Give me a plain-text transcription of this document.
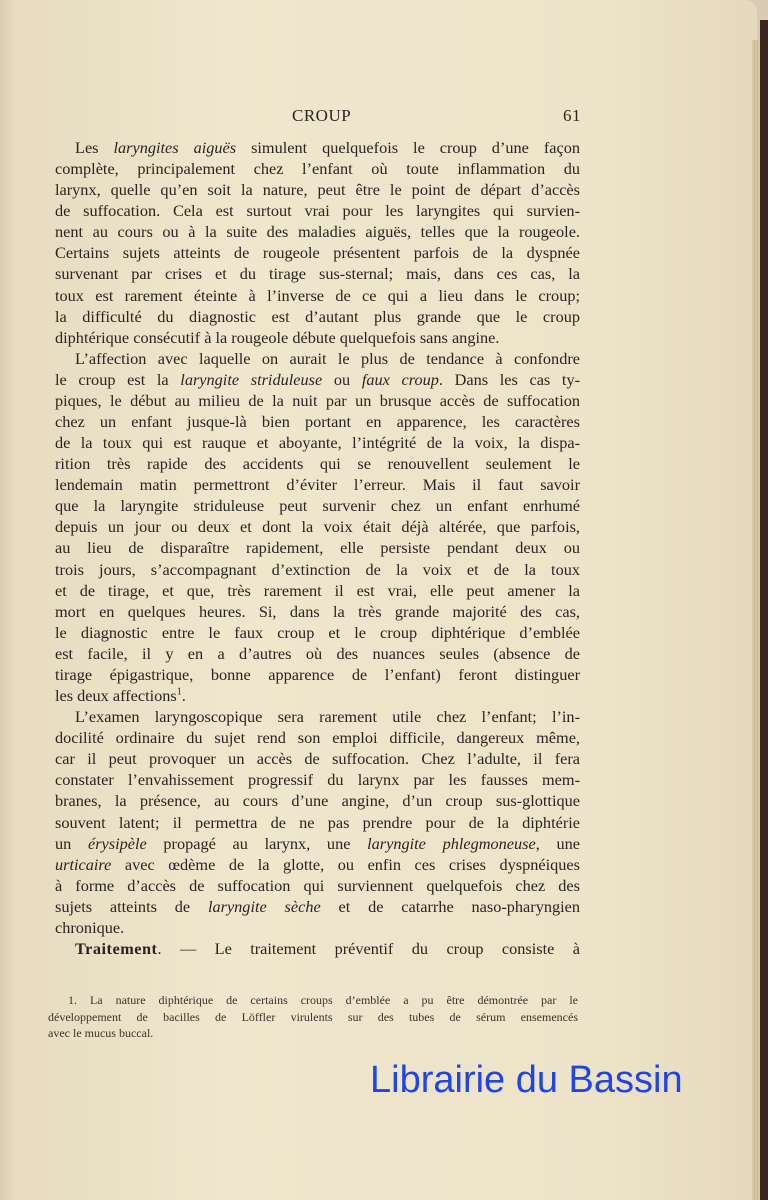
CROUP	61
Les laryngites aiguës simulent quelquefois le croup d’une façon
complète, principalement chez l’enfant où toute inflammation du
larynx, quelle qu’en soit la nature, peut être le point de départ d’accès
de suffocation. Cela est surtout vrai pour les laryngites qui survien-
nent au cours ou à la suite des maladies aiguës, telles que la rougeole.
Certains sujets atteints de rougeole présentent parfois de la dyspnée
survenant par crises et du tirage sus-sternal; mais, dans ces cas, la
toux est rarement éteinte à l’inverse de ce qui a lieu dans le croup;
la difficulté du diagnostic est d’autant plus grande que le croup
diphtérique consécutif à la rougeole débute quelquefois sans angine.
L’affection avec laquelle on aurait le plus de tendance à confondre
le croup est la laryngite striduleuse ou faux croup. Dans les cas ty-
piques, le début au milieu de la nuit par un brusque accès de suffocation
chez un enfant jusque-là bien portant en apparence, les caractères
de la toux qui est rauque et aboyante, l’intégrité de la voix, la dispa-
rition très rapide des accidents qui se renouvellent seulement le
lendemain matin permettront d’éviter l’erreur. Mais il faut savoir
que la laryngite striduleuse peut survenir chez un enfant enrhumé
depuis un jour ou deux et dont la voix était déjà altérée, que parfois,
au lieu de disparaître rapidement, elle persiste pendant deux ou
trois jours, s’accompagnant d’extinction de la voix et de la toux
et de tirage, et que, très rarement il est vrai, elle peut amener la
mort en quelques heures. Si, dans la très grande majorité des cas,
le diagnostic entre le faux croup et le croup diphtérique d’emblée
est facile, il y en a d’autres où des nuances seules (absence de
tirage épigastrique, bonne apparence de l’enfant) feront distinguer
les deux affections$^1$.
L’examen laryngoscopique sera rarement utile chez l’enfant; l’in-
docilité ordinaire du sujet rend son emploi difficile, dangereux même,
car il peut provoquer un accès de suffocation. Chez l’adulte, il fera
constater l’envahissement progressif du larynx par les fausses mem-
branes, la présence, au cours d’une angine, d’un croup sus-glottique
souvent latent; il permettra de ne pas prendre pour de la diphtérie
un érysipèle propagé au larynx, une laryngite phlegmoneuse, une
urticaire avec œdème de la glotte, ou enfin ces crises dyspnéiques
à forme d’accès de suffocation qui surviennent quelquefois chez des
sujets atteints de laryngite sèche et de catarrhe naso-pharyngien
chronique.
Traitement. — Le traitement préventif du croup consiste à
1. La nature diphtérique de certains croups d’emblée a pu être démontrée par le
développement de bacilles de Löffler virulents sur des tubes de sérum ensemencés
avec le mucus buccal.
Librairie du Bassin
